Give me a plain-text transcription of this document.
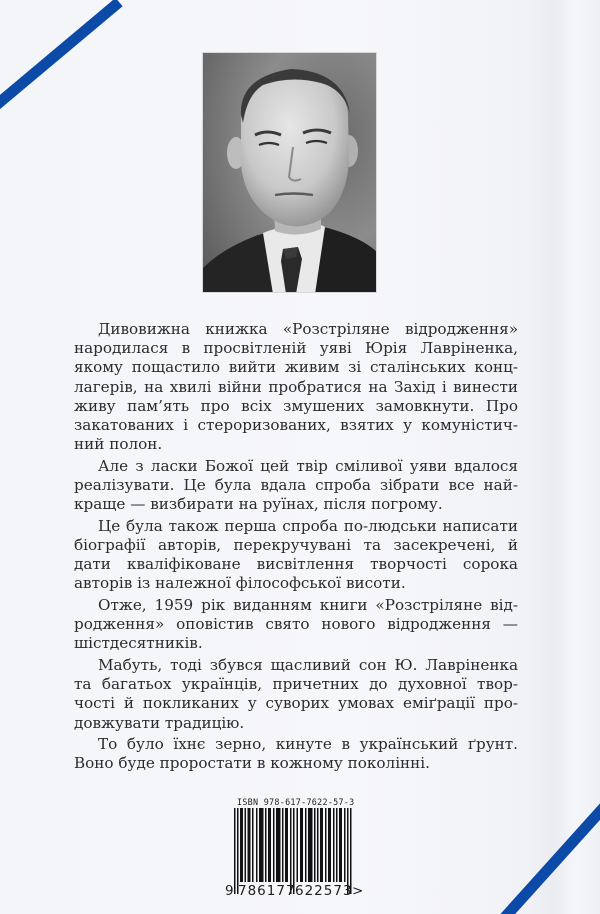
Дивовижна книжка «Розстріляне відродження» народилася в просвітленій уяві Юрія Лавріненка, якому пощастило вийти живим зі сталінських концлагерів, на хвилі війни пробратися на Захід і винести живу пам’ять про всіх змушених замовкнути. Про закатованих і стероризованих, взятих у комуністичний полон.

Але з ласки Божої цей твір сміливої уяви вдалося реалізувати. Це була вдала спроба зібрати все найкраще — визбирати на руїнах, після погрому.

Це була також перша спроба по-людськи написати біографії авторів, перекручувані та засекречені, й дати кваліфіковане висвітлення творчості сорока авторів із належної філософської висоти.

Отже, 1959 рік виданням книги «Розстріляне відродження» оповістив свято нового відродження — шістдесятників.

Мабуть, тоді збувся щасливий сон Ю. Лавріненка та багатьох українців, причетних до духовної творчості й покликаних у суворих умовах еміґрації продовжувати традицію.

То було їхнє зерно, кинуте в український ґрунт. Воно буде проростати в кожному поколінні.

ISBN 978-617-7622-57-3
9 786177 622573 >
